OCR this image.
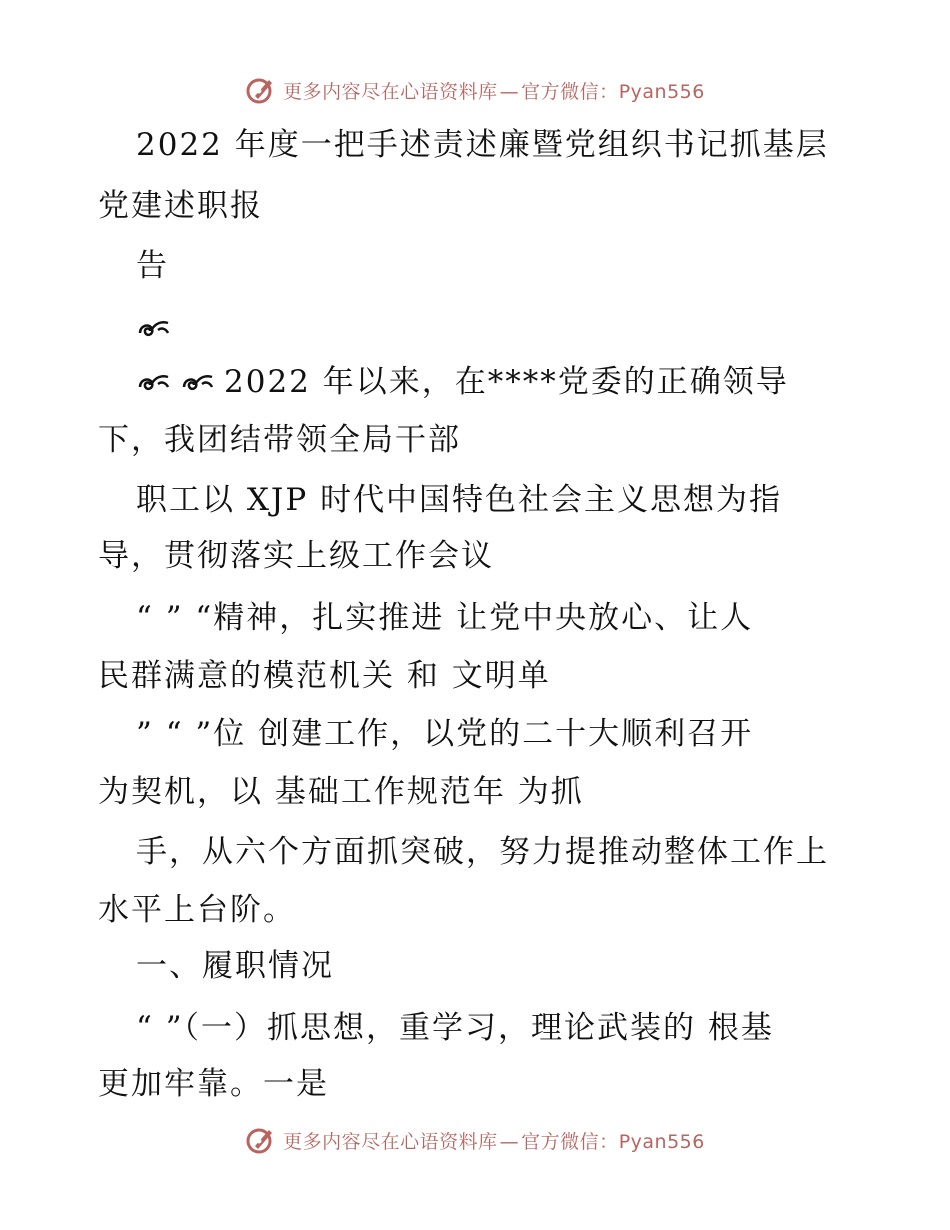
更多内容尽在心语资料库 — 官方微信：Pyan556
2022 年度一把手述责述廉暨党组织书记抓基层
党建述职报
告
2022 年以来，在****党委的正确领导
下，我团结带领全局干部
职工以 XJP 时代中国特色社会主义思想为指
导，贯彻落实上级工作会议
“ ” “精神，扎实推进 让党中央放心、让人
民群满意的模范机关 和 文明单
” “ ”位 创建工作，以党的二十大顺利召开
为契机，以 基础工作规范年 为抓
手，从六个方面抓突破，努力提推动整体工作上
水平上台阶。
一、履职情况
“ ”（一）抓思想，重学习，理论武装的 根基
更加牢靠。一是
更多内容尽在心语资料库 — 官方微信：Pyan556
